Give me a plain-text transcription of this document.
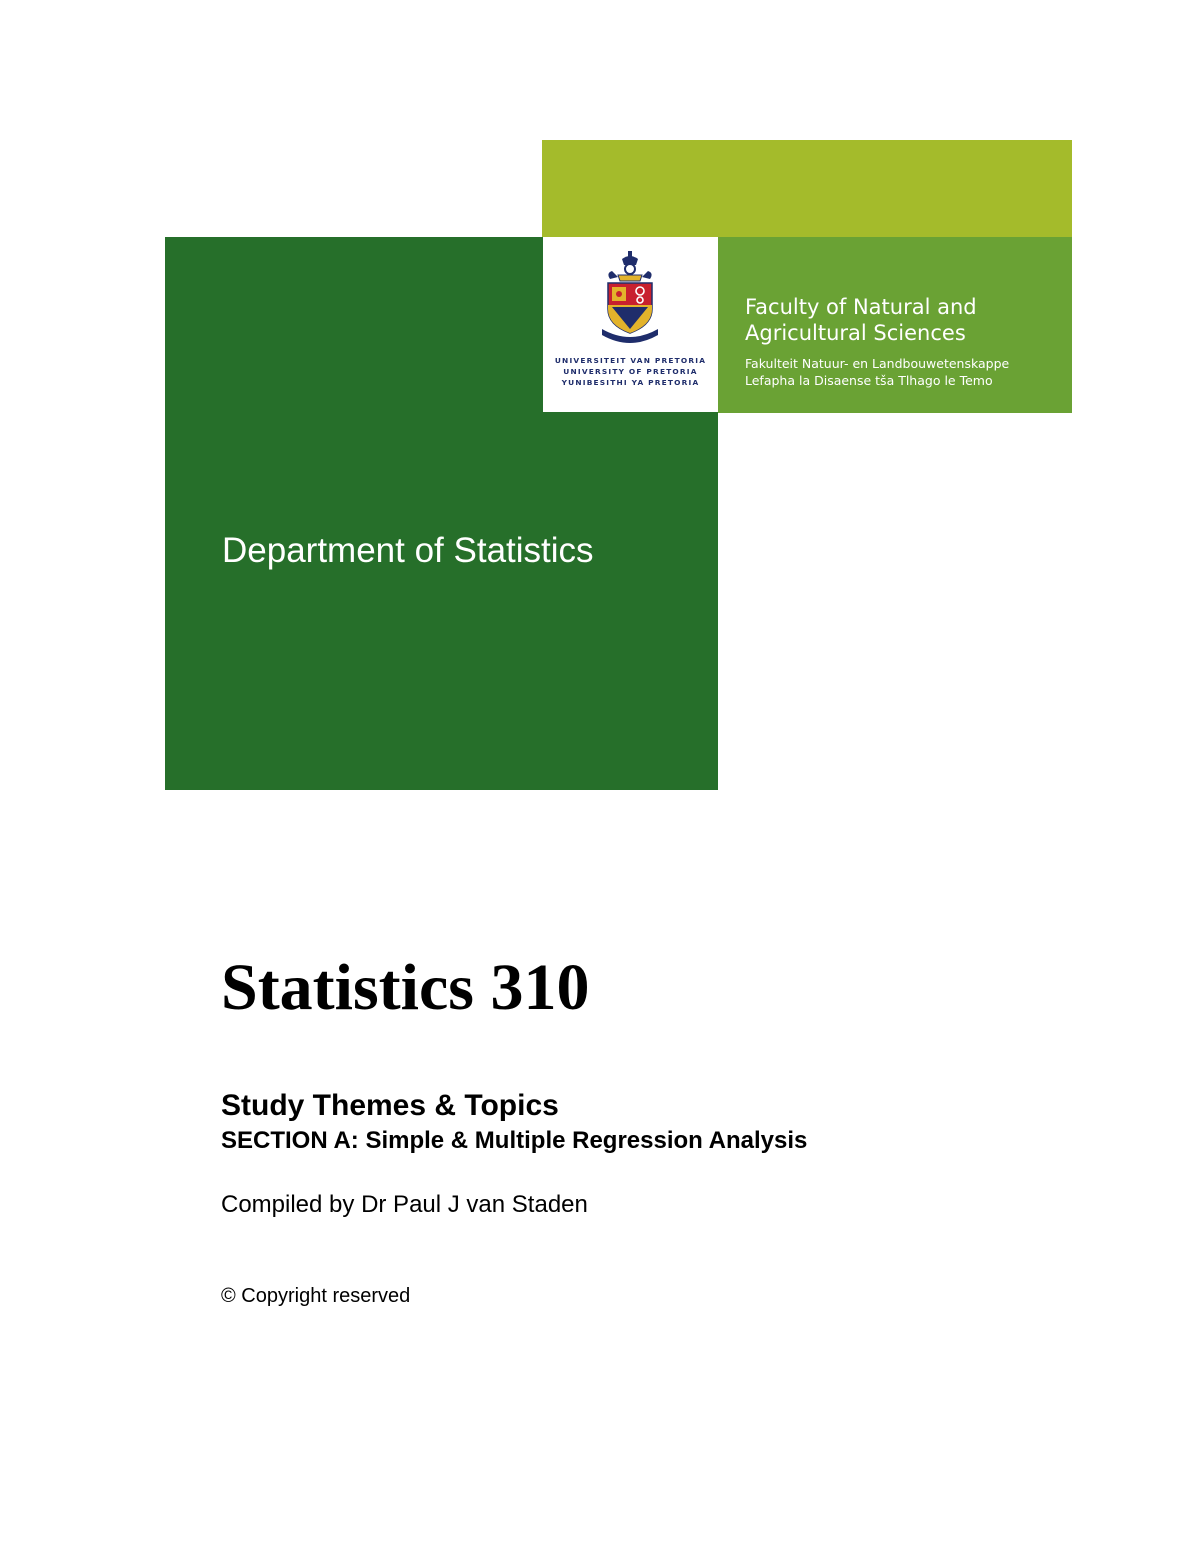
Department of Statistics
UNIVERSITEIT VAN PRETORIA
UNIVERSITY OF PRETORIA
YUNIBESITHI YA PRETORIA
Faculty of Natural and
Agricultural Sciences
Fakulteit Natuur- en Landbouwetenskappe
Lefapha la Disaense tša Tlhago le Temo
Statistics 310
Study Themes & Topics
SECTION A: Simple & Multiple Regression Analysis
Compiled by Dr Paul J van Staden
© Copyright reserved
